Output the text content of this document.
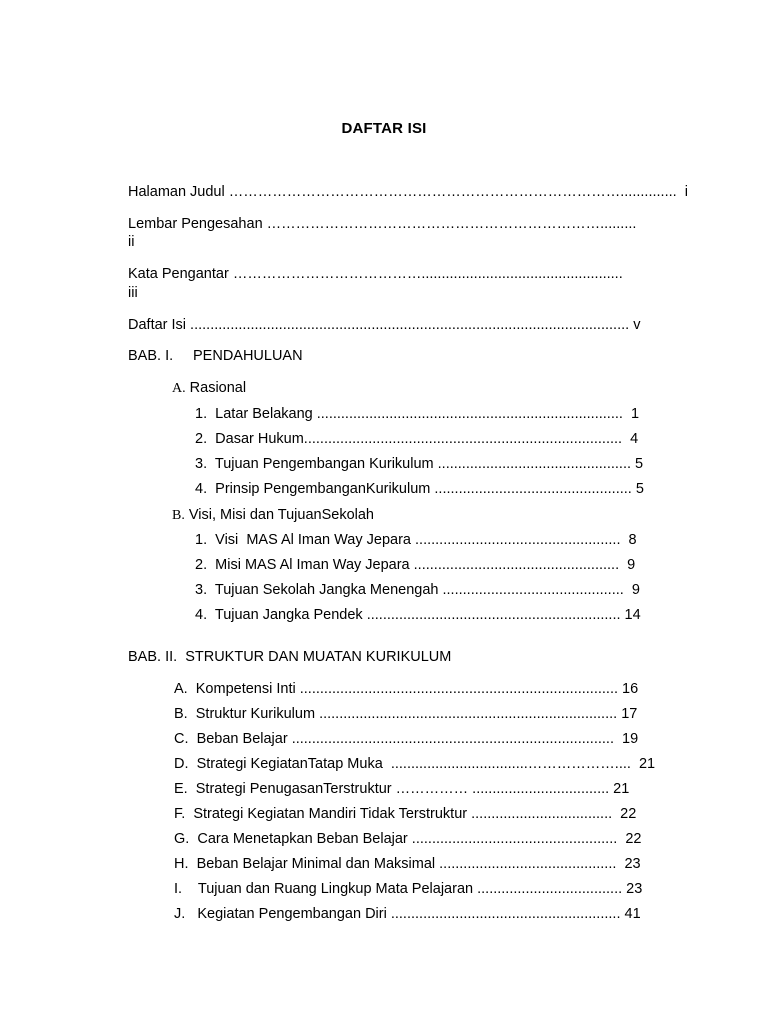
DAFTAR ISI
Halaman Judul ………………………………………………………………………..............  i
Lembar Pengesahan …………………………………………………………….........
ii
Kata Pengantar …………………………………..................................................
iii
Daftar Isi ............................................................................................................. v
BAB. I. PENDAHULUAN
A. Rasional
1. Latar Belakang ............................................................................  1
2. Dasar Hukum...............................................................................  4
3. Tujuan Pengembangan Kurikulum ................................................ 5
4. Prinsip PengembanganKurikulum ................................................. 5
B. Visi, Misi dan TujuanSekolah
1. Visi  MAS Al Iman Way Jepara ...................................................  8
2. Misi MAS Al Iman Way Jepara ...................................................  9
3. Tujuan Sekolah Jangka Menengah .............................................  9
4. Tujuan Jangka Pendek ............................................................... 14
BAB. II.  STRUKTUR DAN MUATAN KURIKULUM
A. Kompetensi Inti ............................................................................... 16
B. Struktur Kurikulum .......................................................................... 17
C. Beban Belajar ................................................................................  19
D. Strategi KegiatanTatap Muka  ..................................………………....  21
E. Strategi PenugasanTerstruktur …………… .................................. 21
F. Strategi Kegiatan Mandiri Tidak Terstruktur ...................................  22
G. Cara Menetapkan Beban Belajar ...................................................  22
H. Beban Belajar Minimal dan Maksimal ............................................  23
I. Tujuan dan Ruang Lingkup Mata Pelajaran .................................... 23
J. Kegiatan Pengembangan Diri ......................................................... 41
